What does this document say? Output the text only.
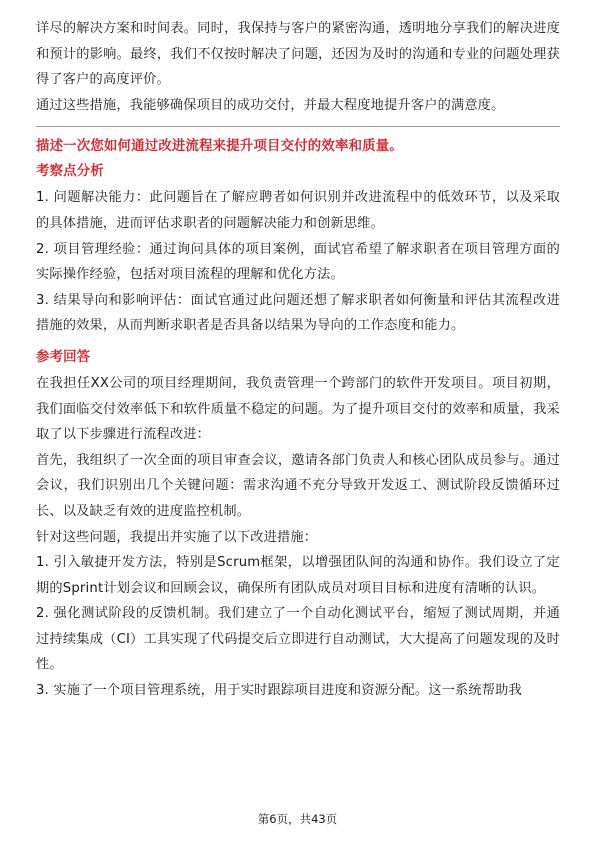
详尽的解决方案和时间表。同时，我保持与客户的紧密沟通，透明地分享我们的解决进度和预计的影响。最终，我们不仅按时解决了问题，还因为及时的沟通和专业的问题处理获得了客户的高度评价。

通过这些措施，我能够确保项目的成功交付，并最大程度地提升客户的满意度。

描述一次您如何通过改进流程来提升项目交付的效率和质量。

考察点分析

1. 问题解决能力：此问题旨在了解应聘者如何识别并改进流程中的低效环节，以及采取的具体措施，进而评估求职者的问题解决能力和创新思维。

2. 项目管理经验：通过询问具体的项目案例，面试官希望了解求职者在项目管理方面的实际操作经验，包括对项目流程的理解和优化方法。

3. 结果导向和影响评估：面试官通过此问题还想了解求职者如何衡量和评估其流程改进措施的效果，从而判断求职者是否具备以结果为导向的工作态度和能力。

参考回答

在我担任XX公司的项目经理期间，我负责管理一个跨部门的软件开发项目。项目初期，我们面临交付效率低下和软件质量不稳定的问题。为了提升项目交付的效率和质量，我采取了以下步骤进行流程改进：

首先，我组织了一次全面的项目审查会议，邀请各部门负责人和核心团队成员参与。通过会议，我们识别出几个关键问题：需求沟通不充分导致开发返工、测试阶段反馈循环过长、以及缺乏有效的进度监控机制。

针对这些问题，我提出并实施了以下改进措施：

1. 引入敏捷开发方法，特别是Scrum框架，以增强团队间的沟通和协作。我们设立了定期的Sprint计划会议和回顾会议，确保所有团队成员对项目目标和进度有清晰的认识。

2. 强化测试阶段的反馈机制。我们建立了一个自动化测试平台，缩短了测试周期，并通过持续集成（CI）工具实现了代码提交后立即进行自动测试，大大提高了问题发现的及时性。

3. 实施了一个项目管理系统，用于实时跟踪项目进度和资源分配。这一系统帮助我

第6页，共43页
